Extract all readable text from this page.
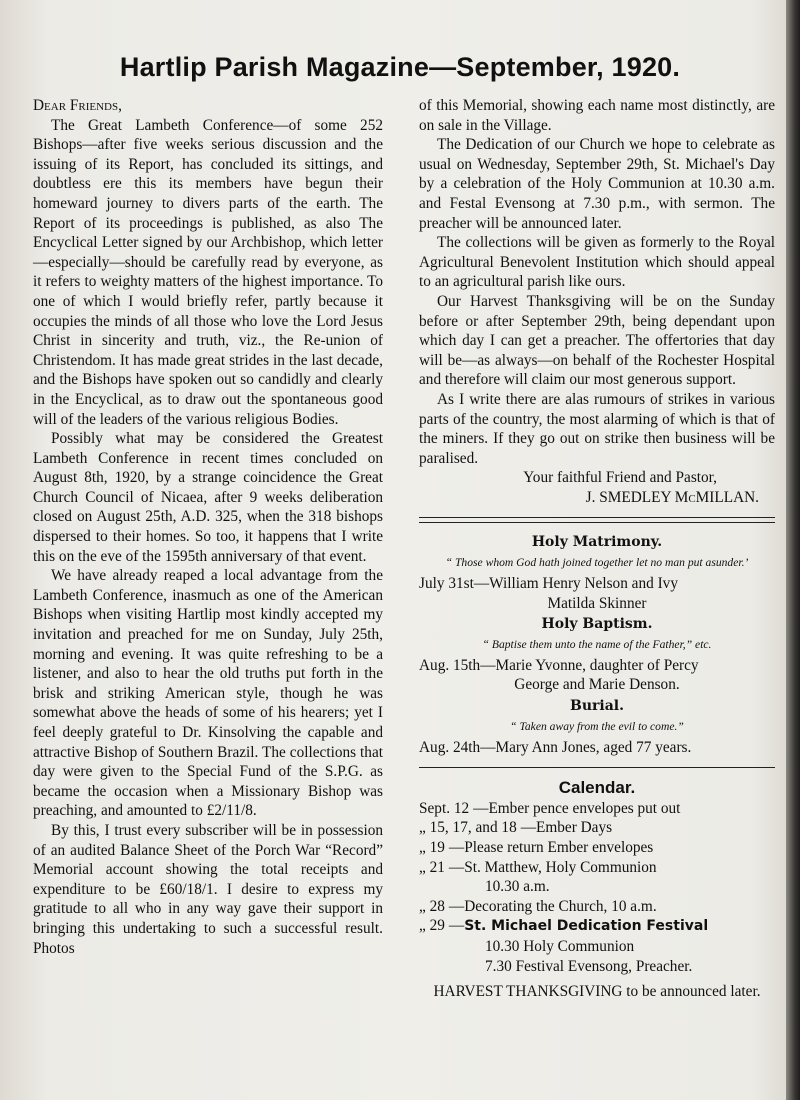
Hartlip Parish Magazine—September, 1920.

Dear Friends,

The Great Lambeth Conference—of some 252 Bishops—after five weeks serious discussion and the issuing of its Report, has concluded its sittings, and doubtless ere this its members have begun their homeward journey to divers parts of the earth. The Report of its proceedings is published, as also The Encyclical Letter signed by our Archbishop, which letter—especially—should be carefully read by everyone, as it refers to weighty matters of the highest importance. To one of which I would briefly refer, partly because it occupies the minds of all those who love the Lord Jesus Christ in sincerity and truth, viz., the Re-union of Christendom. It has made great strides in the last decade, and the Bishops have spoken out so candidly and clearly in the Encyclical, as to draw out the spontaneous good will of the leaders of the various religious Bodies.

Possibly what may be considered the Greatest Lambeth Conference in recent times concluded on August 8th, 1920, by a strange coincidence the Great Church Council of Nicaea, after 9 weeks deliberation closed on August 25th, A.D. 325, when the 318 bishops dispersed to their homes. So too, it happens that I write this on the eve of the 1595th anniversary of that event.

We have already reaped a local advantage from the Lambeth Conference, inasmuch as one of the American Bishops when visiting Hartlip most kindly accepted my invitation and preached for me on Sunday, July 25th, morning and evening. It was quite refreshing to be a listener, and also to hear the old truths put forth in the brisk and striking American style, though he was somewhat above the heads of some of his hearers; yet I feel deeply grateful to Dr. Kinsolving the capable and attractive Bishop of Southern Brazil. The collections that day were given to the Special Fund of the S.P.G. as became the occasion when a Missionary Bishop was preaching, and amounted to £2/11/8.

By this, I trust every subscriber will be in possession of an audited Balance Sheet of the Porch War “Record” Memorial account showing the total receipts and expenditure to be £60/18/1. I desire to express my gratitude to all who in any way gave their support in bringing this undertaking to such a successful result. Photos

of this Memorial, showing each name most distinctly, are on sale in the Village.

The Dedication of our Church we hope to celebrate as usual on Wednesday, September 29th, St. Michael's Day by a celebration of the Holy Communion at 10.30 a.m. and Festal Evensong at 7.30 p.m., with sermon. The preacher will be announced later.

The collections will be given as formerly to the Royal Agricultural Benevolent Institution which should appeal to an agricultural parish like ours.

Our Harvest Thanksgiving will be on the Sunday before or after September 29th, being dependant upon which day I can get a preacher. The offertories that day will be—as always—on behalf of the Rochester Hospital and therefore will claim our most generous support.

As I write there are alas rumours of strikes in various parts of the country, the most alarming of which is that of the miners. If they go out on strike then business will be paralised.

Your faithful Friend and Pastor,

J. SMEDLEY McMILLAN.

Holy Matrimony.
“ Those whom God hath joined together let no man put asunder.’

July 31st—William Henry Nelson and Ivy

Matilda Skinner

Holy Baptism.
“ Baptise them unto the name of the Father,” etc.

Aug. 15th—Marie Yvonne, daughter of Percy

George and Marie Denson.

Burial.
“ Taken away from the evil to come.”

Aug. 24th—Mary Ann Jones, aged 77 years.

Calendar.
Sept. 12 —Ember pence envelopes put out
„ 15, 17, and 18 —Ember Days
„ 19 —Please return Ember envelopes
„ 21 —St. Matthew, Holy Communion
10.30 a.m.
„ 28 —Decorating the Church, 10 a.m.
„ 29 —St. Michael Dedication Festival
10.30 Holy Communion
7.30 Festival Evensong, Preacher.

HARVEST THANKSGIVING to be announced later.
